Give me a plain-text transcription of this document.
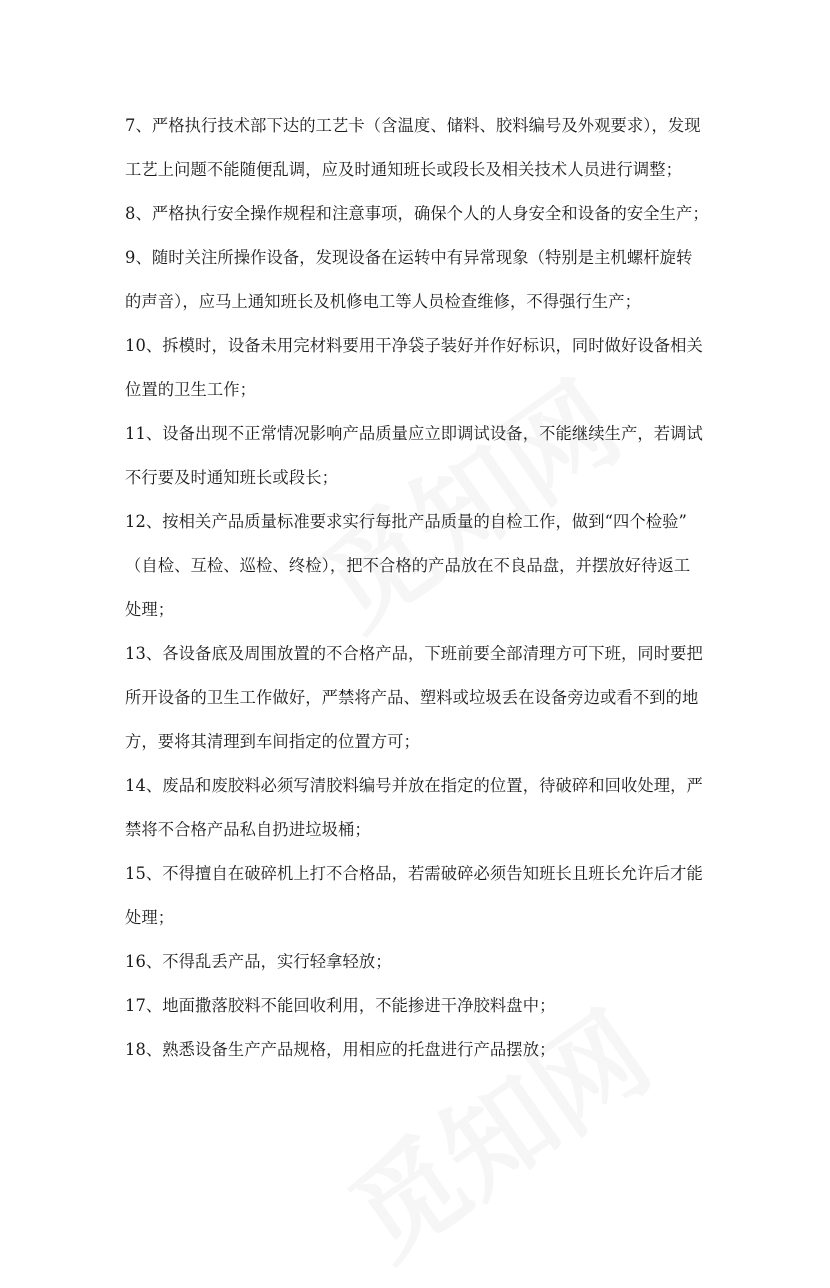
7、严格执行技术部下达的工艺卡（含温度、储料、胶料编号及外观要求），发现
工艺上问题不能随便乱调，应及时通知班长或段长及相关技术人员进行调整；
8、严格执行安全操作规程和注意事项，确保个人的人身安全和设备的安全生产；
9、随时关注所操作设备，发现设备在运转中有异常现象（特别是主机螺杆旋转
的声音），应马上通知班长及机修电工等人员检查维修，不得强行生产；
10、拆模时，设备未用完材料要用干净袋子装好并作好标识，同时做好设备相关
位置的卫生工作；
11、设备出现不正常情况影响产品质量应立即调试设备，不能继续生产，若调试
不行要及时通知班长或段长；
12、按相关产品质量标准要求实行每批产品质量的自检工作，做到“四个检验”
（自检、互检、巡检、终检），把不合格的产品放在不良品盘，并摆放好待返工
处理；
13、各设备底及周围放置的不合格产品，下班前要全部清理方可下班，同时要把
所开设备的卫生工作做好，严禁将产品、塑料或垃圾丢在设备旁边或看不到的地
方，要将其清理到车间指定的位置方可；
14、废品和废胶料必须写清胶料编号并放在指定的位置，待破碎和回收处理，严
禁将不合格产品私自扔进垃圾桶；
15、不得擅自在破碎机上打不合格品，若需破碎必须告知班长且班长允许后才能
处理；
16、不得乱丢产品，实行轻拿轻放；
17、地面撒落胶料不能回收利用，不能掺进干净胶料盘中；
18、熟悉设备生产产品规格，用相应的托盘进行产品摆放；
